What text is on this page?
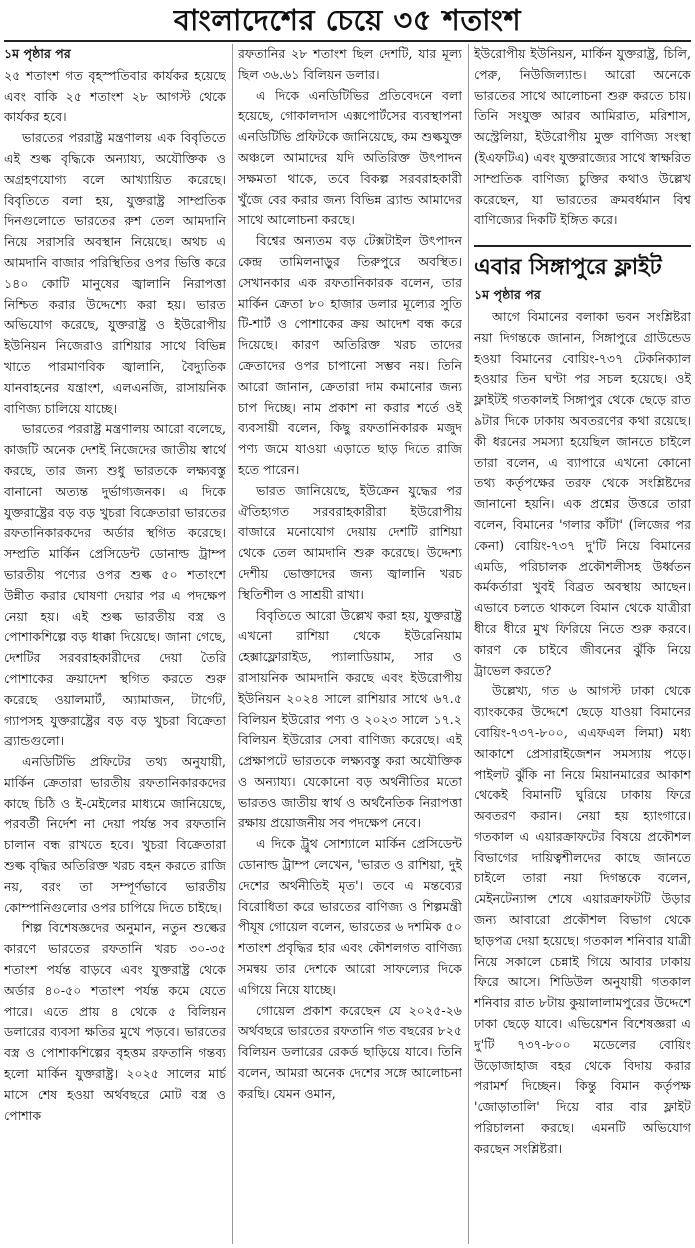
বাংলাদেশের চেয়ে ৩৫ শতাংশ
১ম পৃষ্ঠার পর

২৫ শতাংশ গত বৃহস্পতিবার কার্যকর হয়েছে এবং বাকি ২৫ শতাংশ ২৮ আগস্ট থেকে কার্যকর হবে।

ভারতের পররাষ্ট্র মন্ত্রণালয় এক বিবৃতিতে এই শুল্ক বৃদ্ধিকে অন্যায্য, অযৌক্তিক ও অগ্রহণযোগ্য বলে আখ্যায়িত করেছে। বিবৃতিতে বলা হয়, যুক্তরাষ্ট্র সাম্প্রতিক দিনগুলোতে ভারতের রুশ তেল আমদানি নিয়ে সরাসরি অবস্থান নিয়েছে। অথচ এ আমদানি বাজার পরিস্থিতির ওপর ভিত্তি করে ১৪০ কোটি মানুষের জ্বালানি নিরাপত্তা নিশ্চিত করার উদ্দেশ্যে করা হয়। ভারত অভিযোগ করেছে, যুক্তরাষ্ট্র ও ইউরোপীয় ইউনিয়ন নিজেরাও রাশিয়ার সাথে বিভিন্ন খাতে পারমাণবিক জ্বালানি, বৈদ্যুতিক যানবাহনের যন্ত্রাংশ, এলএনজি, রাসায়নিক বাণিজ্য চালিয়ে যাচ্ছে।

ভারতের পররাষ্ট্র মন্ত্রণালয় আরো বলেছে, কাজটি অনেক দেশই নিজেদের জাতীয় স্বার্থে করছে, তার জন্য শুধু ভারতকে লক্ষ্যবস্তু বানানো অত্যন্ত দুর্ভাগ্যজনক। এ দিকে যুক্তরাষ্ট্রের বড় বড় খুচরা বিক্রেতারা ভারতের রফতানিকারকদের অর্ডার স্থগিত করেছে। সম্প্রতি মার্কিন প্রেসিডেন্ট ডোনাল্ড ট্রাম্প ভারতীয় পণ্যের ওপর শুল্ক ৫০ শতাংশে উন্নীত করার ঘোষণা দেয়ার পর এ পদক্ষেপ নেয়া হয়। এই শুল্ক ভারতীয় বস্ত্র ও পোশাকশিল্পে বড় ধাক্কা দিয়েছে। জানা গেছে, দেশটির সরবরাহকারীদের দেয়া তৈরি পোশাকের ক্রয়াদেশ স্থগিত করতে শুরু করেছে ওয়ালমার্ট, অ্যামাজন, টার্গেট, গ্যাপসহ যুক্তরাষ্ট্রের বড় বড় খুচরা বিক্রেতা ব্র্যান্ডগুলো।

এনডিটিভি প্রফিটের তথ্য অনুযায়ী, মার্কিন ক্রেতারা ভারতীয় রফতানিকারকদের কাছে চিঠি ও ই-মেইলের মাধ্যমে জানিয়েছে, পরবর্তী নির্দেশ না দেয়া পর্যন্ত সব রফতানি চালান বন্ধ রাখতে হবে। খুচরা বিক্রেতারা শুল্ক বৃদ্ধির অতিরিক্ত খরচ বহন করতে রাজি নয়, বরং তা সম্পূর্ণভাবে ভারতীয় কোম্পানিগুলোর ওপর চাপিয়ে দিতে চাইছে।

শিল্প বিশেষজ্ঞদের অনুমান, নতুন শুল্কের কারণে ভারতের রফতানি খরচ ৩০-৩৫ শতাংশ পর্যন্ত বাড়বে এবং যুক্তরাষ্ট্র থেকে অর্ডার ৪০-৫০ শতাংশ পর্যন্ত কমে যেতে পারে। এতে প্রায় ৪ থেকে ৫ বিলিয়ন ডলারের ব্যবসা ক্ষতির মুখে পড়বে। ভারতের বস্ত্র ও পোশাকশিল্পের বৃহত্তম রফতানি গন্তব্য হলো মার্কিন যুক্তরাষ্ট্র। ২০২৫ সালের মার্চ মাসে শেষ হওয়া অর্থবছরে মোট বস্ত্র ও পোশাক

রফতানির ২৮ শতাংশ ছিল দেশটি, যার মূল্য ছিল ৩৬.৬১ বিলিয়ন ডলার।

এ দিকে এনডিটিভির প্রতিবেদনে বলা হয়েছে, গোকালদাস এক্সপোর্টসের ব্যবস্থাপনা এনডিটিভি প্রফিটকে জানিয়েছে, কম শুল্কযুক্ত অঞ্চলে আমাদের যদি অতিরিক্ত উৎপাদন সক্ষমতা থাকে, তবে বিকল্প সরবরাহকারী খুঁজে বের করার জন্য বিভিন্ন ব্র্যান্ড আমাদের সাথে আলোচনা করছে।

বিশ্বের অন্যতম বড় টেক্সটাইল উৎপাদন কেন্দ্র তামিলনাড়ুর তিরুপুরে অবস্থিত। সেখানকার এক রফতানিকারক বলেন, তার মার্কিন ক্রেতা ৮০ হাজার ডলার মূল্যের সুতি টি-শার্ট ও পোশাকের ক্রয় আদেশ বন্ধ করে দিয়েছে। কারণ অতিরিক্ত খরচ তাদের ক্রেতাদের ওপর চাপানো সম্ভব নয়। তিনি আরো জানান, ক্রেতারা দাম কমানোর জন্য চাপ দিচ্ছে। নাম প্রকাশ না করার শর্তে ওই ব্যবসায়ী বলেন, কিছু রফতানিকারক মজুদ পণ্য জমে যাওয়া এড়াতে ছাড় দিতে রাজি হতে পারেন।

ভারত জানিয়েছে, ইউক্রেন যুদ্ধের পর ঐতিহ্যগত সরবরাহকারীরা ইউরোপীয় বাজারে মনোযোগ দেয়ায় দেশটি রাশিয়া থেকে তেল আমদানি শুরু করেছে। উদ্দেশ্য দেশীয় ভোক্তাদের জন্য জ্বালানি খরচ স্থিতিশীল ও সাশ্রয়ী রাখা।

বিবৃতিতে আরো উল্লেখ করা হয়, যুক্তরাষ্ট্র এখনো রাশিয়া থেকে ইউরেনিয়াম হেক্সাফ্লোরাইড, প্যালাডিয়াম, সার ও রাসায়নিক আমদানি করছে এবং ইউরোপীয় ইউনিয়ন ২০২৪ সালে রাশিয়ার সাথে ৬৭.৫ বিলিয়ন ইউরোর পণ্য ও ২০২৩ সালে ১৭.২ বিলিয়ন ইউরোর সেবা বাণিজ্য করেছে। এই প্রেক্ষাপটে ভারতকে লক্ষ্যবস্তু করা অযৌক্তিক ও অন্যায্য। যেকোনো বড় অর্থনীতির মতো ভারতও জাতীয় স্বার্থ ও অর্থনৈতিক নিরাপত্তা রক্ষায় প্রয়োজনীয় সব পদক্ষেপ নেবে।

এ দিকে ট্রুথ সোশ্যালে মার্কিন প্রেসিডেন্ট ডোনাল্ড ট্রাম্প লেখেন, 'ভারত ও রাশিয়া, দুই দেশের অর্থনীতিই মৃত'। তবে এ মন্তব্যের বিরোধিতা করে ভারতের বাণিজ্য ও শিল্পমন্ত্রী পীযূষ গোয়েল বলেন, ভারতের ৬ দশমিক ৫০ শতাংশ প্রবৃদ্ধির হার এবং কৌশলগত বাণিজ্য সমন্বয় তার দেশকে আরো সাফল্যের দিকে এগিয়ে নিয়ে যাচ্ছে।

গোয়েল প্রকাশ করেছেন যে ২০২৫-২৬ অর্থবছরে ভারতের রফতানি গত বছরের ৮২৫ বিলিয়ন ডলারের রেকর্ড ছাড়িয়ে যাবে। তিনি বলেন, আমরা অনেক দেশের সঙ্গে আলোচনা করছি। যেমন ওমান,

ইউরোপীয় ইউনিয়ন, মার্কিন যুক্তরাষ্ট্র, চিলি, পেরু, নিউজিল্যান্ড। আরো অনেকে ভারতের সাথে আলোচনা শুরু করতে চায়। তিনি সংযুক্ত আরব আমিরাত, মরিশাস, অস্ট্রেলিয়া, ইউরোপীয় মুক্ত বাণিজ্য সংস্থা (ইএফটিএ) এবং যুক্তরাজ্যের সাথে স্বাক্ষরিত সাম্প্রতিক বাণিজ্য চুক্তির কথাও উল্লেখ করেছেন, যা ভারতের ক্রমবর্ধমান বিশ্ব বাণিজ্যের দিকটি ইঙ্গিত করে।

এবার সিঙ্গাপুরে ফ্লাইট
১ম পৃষ্ঠার পর

আগে বিমানের বলাকা ভবন সংশ্লিষ্টরা নয়া দিগন্তকে জানান, সিঙ্গাপুরে গ্রাউন্ডেড হওয়া বিমানের বোয়িং-৭৩৭ টেকনিক্যাল হওয়ার তিন ঘণ্টা পর সচল হয়েছে। ওই ফ্লাইটই গতকালই সিঙ্গাপুর থেকে ছেড়ে রাত ৯টার দিকে ঢাকায় অবতরণের কথা রয়েছে। কী ধরনের সমস্যা হয়েছিল জানতে চাইলে তারা বলেন, এ ব্যাপারে এখনো কোনো তথ্য কর্তৃপক্ষের তরফ থেকে সংশ্লিষ্টদের জানানো হয়নি। এক প্রশ্নের উত্তরে তারা বলেন, বিমানের 'গলার কাঁটা' (লিজের পর কেনা) বোয়িং-৭৩৭ দু'টি নিয়ে বিমানের এমডি, পরিচালক প্রকৌশলীসহ উর্ধ্বতন কর্মকর্তারা খুবই বিব্রত অবস্থায় আছেন। এভাবে চলতে থাকলে বিমান থেকে যাত্রীরা ধীরে ধীরে মুখ ফিরিয়ে নিতে শুরু করবে। কারণ কে চাইবে জীবনের ঝুঁকি নিয়ে ট্রাভেল করতে?

উল্লেখ্য, গত ৬ আগস্ট ঢাকা থেকে ব্যাংককের উদ্দেশে ছেড়ে যাওয়া বিমানের বোয়িং-৭৩৭-৮০০, এএফএল লিমা) মধ্য আকাশে প্রেসারাইজেশন সমস্যায় পড়ে। পাইলট ঝুঁকি না নিয়ে মিয়ানমারের আকাশ থেকেই বিমানটি ঘুরিয়ে ঢাকায় ফিরে অবতরণ করান। নেয়া হয় হ্যাংগারে। গতকাল এ এয়ারক্রাফটের বিষয়ে প্রকৌশল বিভাগের দায়িত্বশীলদের কাছে জানতে চাইলে তারা নয়া দিগন্তকে বলেন, মেইনটেন্যান্স শেষে এয়ারক্রাফটটি উড়ার জন্য আবারো প্রকৌশল বিভাগ থেকে ছাড়পত্র দেয়া হয়েছে। গতকাল শনিবার যাত্রী নিয়ে সকালে চেন্নাই গিয়ে আবার ঢাকায় ফিরে আসে। শিডিউল অনুযায়ী গতকাল শনিবার রাত ৮টায় কুয়ালালামপুরের উদ্দেশে ঢাকা ছেড়ে যাবে। এভিয়েশন বিশেষজ্ঞরা এ দু'টি ৭৩৭-৮০০ মডেলের বোয়িং উড়োজাহাজ বহর থেকে বিদায় করার পরামর্শ দিচ্ছেন। কিন্তু বিমান কর্তৃপক্ষ 'জোড়াতালি' দিয়ে বার বার ফ্লাইট পরিচালনা করছে। এমনটি অভিযোগ করছেন সংশ্লিষ্টরা।
